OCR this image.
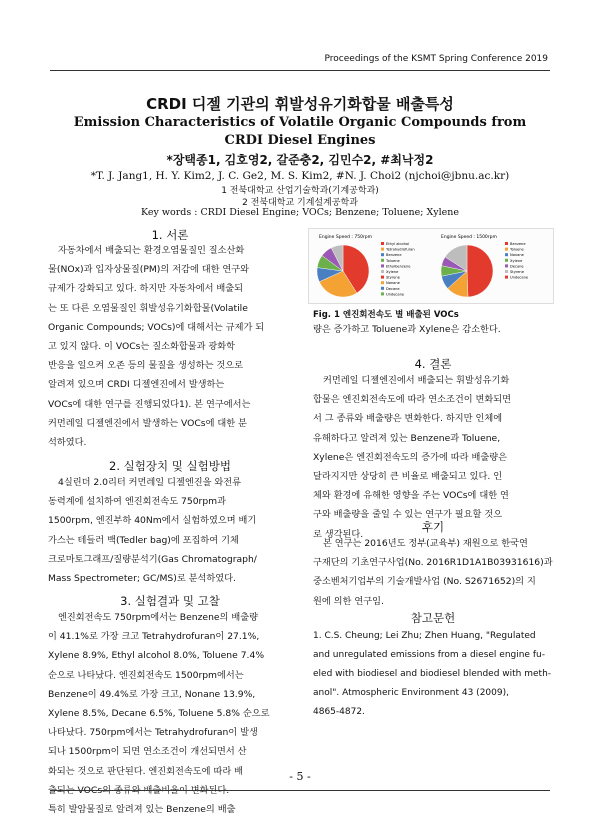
Proceedings of the KSMT Spring Conference 2019
CRDI 디젤 기관의 휘발성유기화합물 배출특성
Emission Characteristics of Volatile Organic Compounds from CRDI Diesel Engines
*장택종1, 김호영2, 갈준충2, 김민수2, #최낙정2
*T. J. Jang1, H. Y. Kim2, J. C. Ge2, M. S. Kim2, #N. J. Choi2 (njchoi@jbnu.ac.kr)
1 전북대학교 산업기술학과(기계공학과)
2 전북대학교 기계설계공학과
Key words : CRDI Diesel Engine; VOCs; Benzene; Toluene; Xylene
1. 서론
자동차에서 배출되는 환경오염물질인 질소산화
물(NOx)과 입자상물질(PM)의 저감에 대한 연구와
규제가 강화되고 있다. 하지만 자동차에서 배출되
는 또 다른 오염물질인 휘발성유기화합물(Volatile
Organic Compounds; VOCs)에 대해서는 규제가 되
고 있지 않다. 이 VOCs는 질소화합물과 광화학
반응을 일으켜 오존 등의 물질을 생성하는 것으로
알려져 있으며 CRDI 디젤엔진에서 발생하는
VOCs에 대한 연구를 진행되었다1). 본 연구에서는
커먼레일 디젤엔진에서 발생하는 VOCs에 대한 분
석하였다.
2. 실험장치 및 실험방법
4실린더 2.0리터 커먼레일 디젤엔진을 와전류
동력계에 설치하여 엔진회전속도 750rpm과
1500rpm, 엔진부하 40Nm에서 실험하였으며 배기
가스는 테들러 백(Tedler bag)에 포집하여 기체
크로마토그래프/질량분석기(Gas Chromatograph/
Mass Spectrometer; GC/MS)로 분석하였다.
3. 실험결과 및 고찰
엔진회전속도 750rpm에서는 Benzene의 배출량
이 41.1%로 가장 크고 Tetrahydrofuran이 27.1%,
Xylene 8.9%, Ethyl alcohol 8.0%, Toluene 7.4%
순으로 나타났다. 엔진회전속도 1500rpm에서는
Benzene이 49.4%로 가장 크고, Nonane 13.9%,
Xylene 8.5%, Decane 6.5%, Toluene 5.8% 순으로
나타났다. 750rpm에서는 Tetrahydrofuran이 발생
되나 1500rpm이 되면 연소조건이 개선되면서 산
화되는 것으로 판단된다. 엔진회전속도에 따라 배
출되는 VOCs의 종류와 배출비율이 변화된다.
특히 발암물질로 알려져 있는 Benzene의 배출
Engine Speed : 750rpm	Engine Speed : 1500rpm
Ethyl alcohol
Tetrahydrofuran
Benzene
Toluene
Ethylbenzene
Xylene
Styrene
Nonane
Decane
Undecane
Benzene
Toluene
Nonane
Xylene
Decane
Styrene
Undecane
Fig. 1 엔진회전속도 별 배출된 VOCs
량은 증가하고 Toluene과 Xylene은 감소한다.
4. 결론
커먼레일 디젤엔진에서 배출되는 휘발성유기화
합물은 엔진회전속도에 따라 연소조건이 변화되면
서 그 종류와 배출량은 변화한다. 하지만 인체에
유해하다고 알려져 있는 Benzene과 Toluene,
Xylene은 엔진회전속도의 증가에 따라 배출량은
달라지지만 상당히 큰 비율로 배출되고 있다. 인
체와 환경에 유해한 영향을 주는 VOCs에 대한 연
구와 배출량을 줄일 수 있는 연구가 필요할 것으
로 생각된다.
후기
본 연구는 2016년도 정부(교육부) 재원으로 한국연
구재단의 기초연구사업(No. 2016R1D1A1B03931616)과
중소벤처기업부의 기술개발사업 (No. S2671652)의 지
원에 의한 연구임.
참고문헌
1. C.S. Cheung; Lei Zhu; Zhen Huang, "Regulated
and unregulated emissions from a diesel engine fu-
eled with biodiesel and biodiesel blended with meth-
anol". Atmospheric Environment 43 (2009),
4865-4872.
- 5 -
